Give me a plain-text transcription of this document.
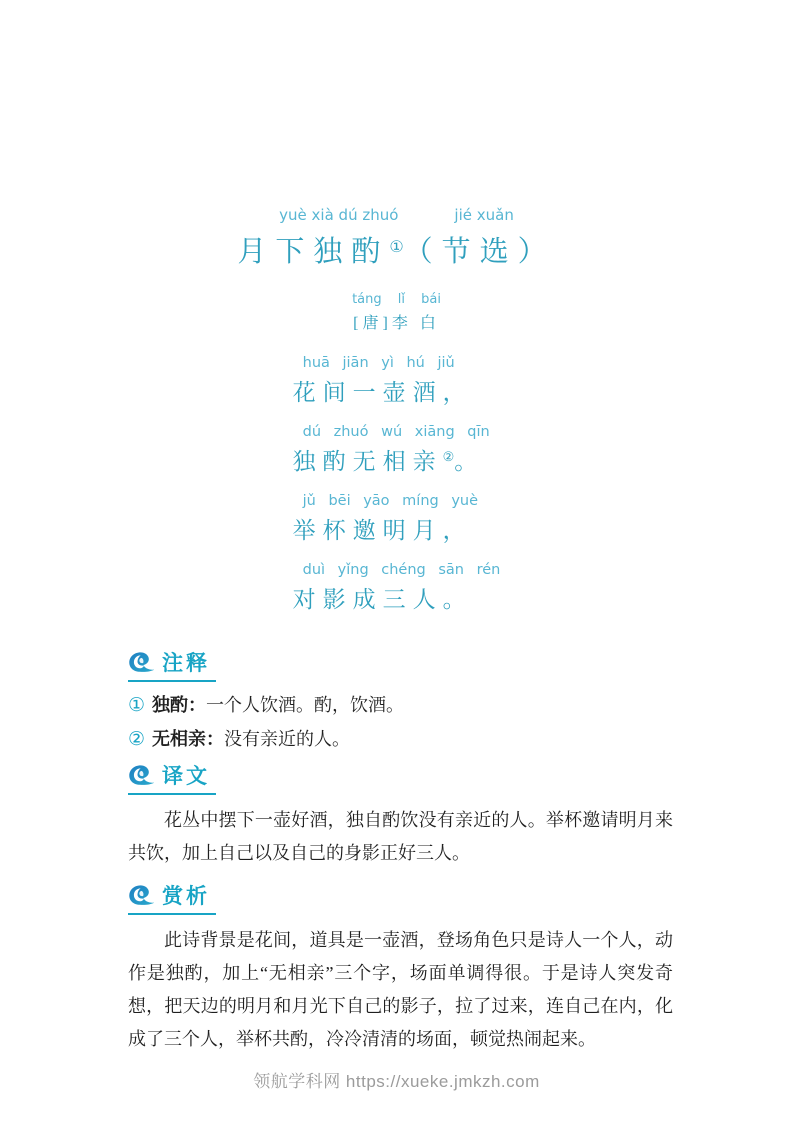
yuè xià dú zhuó	jié xuǎn
月下独酌①（节选）
táng lǐ bái
[唐]李 白
huā jiān yì hú jiǔ
花间一壶酒，
dú zhuó wú xiāng qīn
独酌无相亲②。
jǔ bēi yāo míng yuè
举杯邀明月，
duì yǐng chéng sān rén
对影成三人。
注释
① 独酌：一个人饮酒。酌，饮酒。
② 无相亲：没有亲近的人。
译文

花丛中摆下一壶好酒，独自酌饮没有亲近的人。举杯邀请明月来共饮，加上自己以及自己的身影正好三人。

赏析

此诗背景是花间，道具是一壶酒，登场角色只是诗人一个人，动作是独酌，加上“无相亲”三个字，场面单调得很。于是诗人突发奇想，把天边的明月和月光下自己的影子，拉了过来，连自己在内，化成了三个人，举杯共酌，冷冷清清的场面，顿觉热闹起来。

领航学科网 https://xueke.jmkzh.com
